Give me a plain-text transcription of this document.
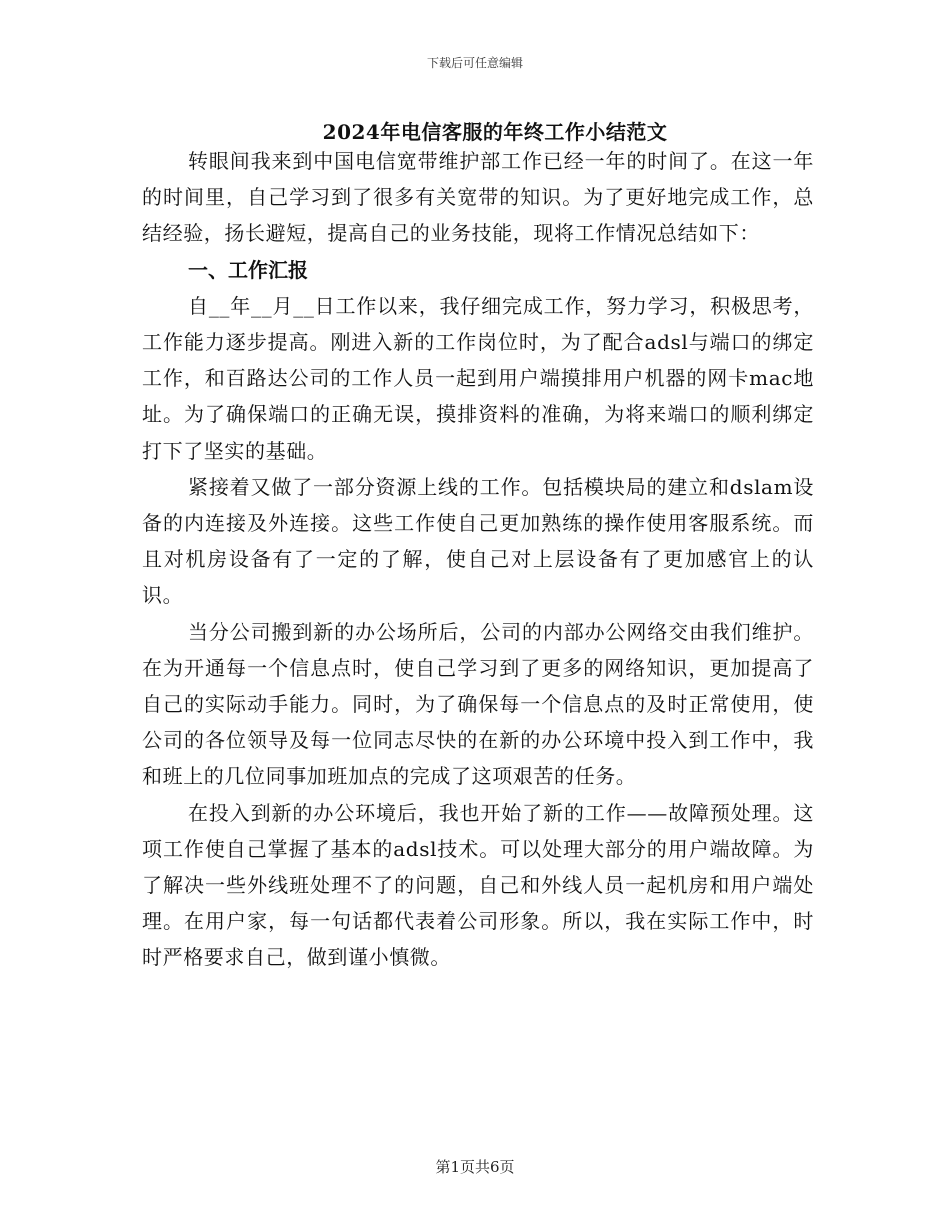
下载后可任意编辑
2024年电信客服的年终工作小结范文

转眼间我来到中国电信宽带维护部工作已经一年的时间了。在这一年的时间里，自己学习到了很多有关宽带的知识。为了更好地完成工作，总结经验，扬长避短，提高自己的业务技能，现将工作情况总结如下：

一、工作汇报

自__年__月__日工作以来，我仔细完成工作，努力学习，积极思考，工作能力逐步提高。刚进入新的工作岗位时，为了配合adsl与端口的绑定工作，和百路达公司的工作人员一起到用户端摸排用户机器的网卡mac地址。为了确保端口的正确无误，摸排资料的准确，为将来端口的顺利绑定打下了坚实的基础。

紧接着又做了一部分资源上线的工作。包括模块局的建立和dslam设备的内连接及外连接。这些工作使自己更加熟练的操作使用客服系统。而且对机房设备有了一定的了解，使自己对上层设备有了更加感官上的认识。

当分公司搬到新的办公场所后，公司的内部办公网络交由我们维护。在为开通每一个信息点时，使自己学习到了更多的网络知识，更加提高了自己的实际动手能力。同时，为了确保每一个信息点的及时正常使用，使公司的各位领导及每一位同志尽快的在新的办公环境中投入到工作中，我和班上的几位同事加班加点的完成了这项艰苦的任务。

在投入到新的办公环境后，我也开始了新的工作——故障预处理。这项工作使自己掌握了基本的adsl技术。可以处理大部分的用户端故障。为了解决一些外线班处理不了的问题，自己和外线人员一起机房和用户端处理。在用户家，每一句话都代表着公司形象。所以，我在实际工作中，时时严格要求自己，做到谨小慎微。

第1页共6页
